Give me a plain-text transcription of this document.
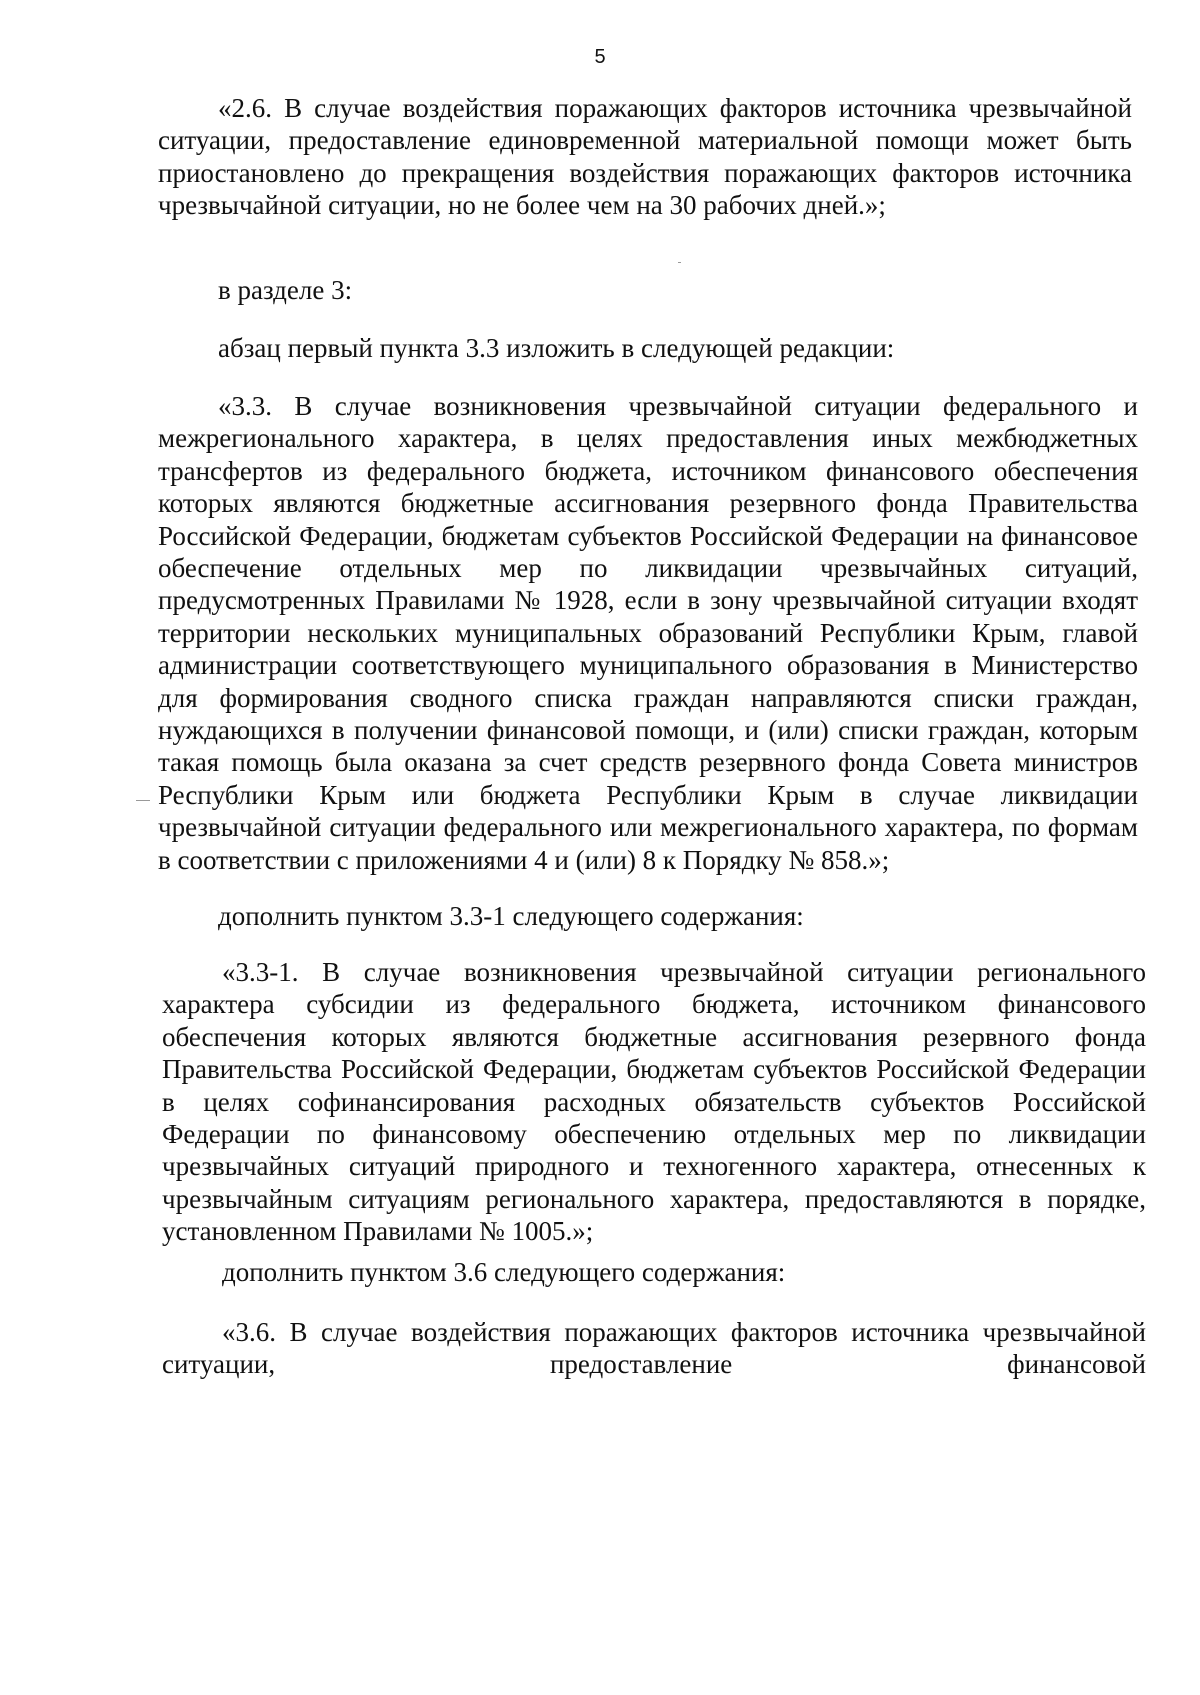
5

«2.6. В случае воздействия поражающих факторов источника чрезвычайной ситуации, предоставление единовременной материальной помощи может быть приостановлено до прекращения воздействия поражающих факторов источника чрезвычайной ситуации, но не более чем на 30 рабочих дней.»;

в разделе 3:

абзац первый пункта 3.3 изложить в следующей редакции:

«3.3. В случае возникновения чрезвычайной ситуации федерального и межрегионального характера, в целях предоставления иных межбюджетных трансфертов из федерального бюджета, источником финансового обеспечения которых являются бюджетные ассигнования резервного фонда Правительства Российской Федерации, бюджетам субъектов Российской Федерации на финансовое обеспечение отдельных мер по ликвидации чрезвычайных ситуаций, предусмотренных Правилами № 1928, если в зону чрезвычайной ситуации входят территории нескольких муниципальных образований Республики Крым, главой администрации соответствующего муниципального образования в Министерство для формирования сводного списка граждан направляются списки граждан, нуждающихся в получении финансовой помощи, и (или) списки граждан, которым такая помощь была оказана за счет средств резервного фонда Совета министров Республики Крым или бюджета Республики Крым в случае ликвидации чрезвычайной ситуации федерального или межрегионального характера, по формам в соответствии с приложениями 4 и (или) 8 к Порядку № 858.»;

дополнить пунктом 3.3-1 следующего содержания:

«3.3-1. В случае возникновения чрезвычайной ситуации регионального характера субсидии из федерального бюджета, источником финансового обеспечения которых являются бюджетные ассигнования резервного фонда Правительства Российской Федерации, бюджетам субъектов Российской Федерации в целях софинансирования расходных обязательств субъектов Российской Федерации по финансовому обеспечению отдельных мер по ликвидации чрезвычайных ситуаций природного и техногенного характера, отнесенных к чрезвычайным ситуациям регионального характера, предоставляются в порядке, установленном Правилами № 1005.»;

дополнить пунктом 3.6 следующего содержания:

«3.6. В случае воздействия поражающих факторов источника чрезвычайной ситуации, предоставление финансовой
